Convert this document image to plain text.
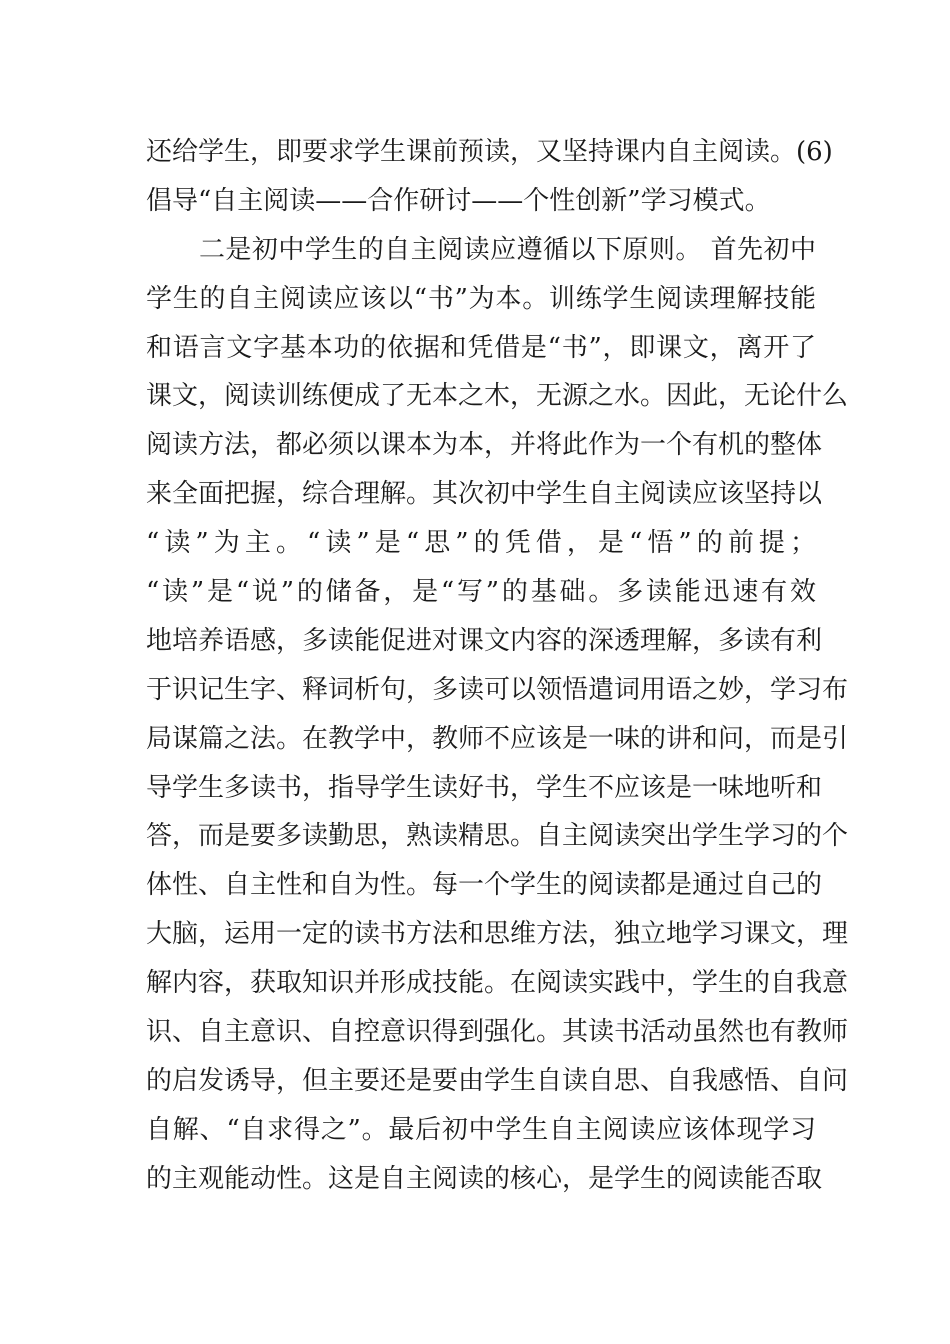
还给学生，即要求学生课前预读，又坚持课内自主阅读。(6)
倡导“自主阅读——合作研讨——个性创新”学习模式。
　　二是初中学生的自主阅读应遵循以下原则。 首先初中
学生的自主阅读应该以“书”为本。训练学生阅读理解技能
和语言文字基本功的依据和凭借是“书”，即课文，离开了
课文，阅读训练便成了无本之木，无源之水。因此，无论什么
阅读方法，都必须以课本为本，并将此作为一个有机的整体
来全面把握，综合理解。其次初中学生自主阅读应该坚持以
“读”为主。“读”是“思”的凭借，是“悟”的前提；
“读”是“说”的储备，是“写”的基础。多读能迅速有效
地培养语感，多读能促进对课文内容的深透理解，多读有利
于识记生字、释词析句，多读可以领悟遣词用语之妙，学习布
局谋篇之法。在教学中，教师不应该是一味的讲和问，而是引
导学生多读书，指导学生读好书，学生不应该是一味地听和
答，而是要多读勤思，熟读精思。自主阅读突出学生学习的个
体性、自主性和自为性。每一个学生的阅读都是通过自己的
大脑，运用一定的读书方法和思维方法，独立地学习课文，理
解内容，获取知识并形成技能。在阅读实践中，学生的自我意
识、自主意识、自控意识得到强化。其读书活动虽然也有教师
的启发诱导，但主要还是要由学生自读自思、自我感悟、自问
自解、“自求得之”。最后初中学生自主阅读应该体现学习
的主观能动性。这是自主阅读的核心，是学生的阅读能否取
